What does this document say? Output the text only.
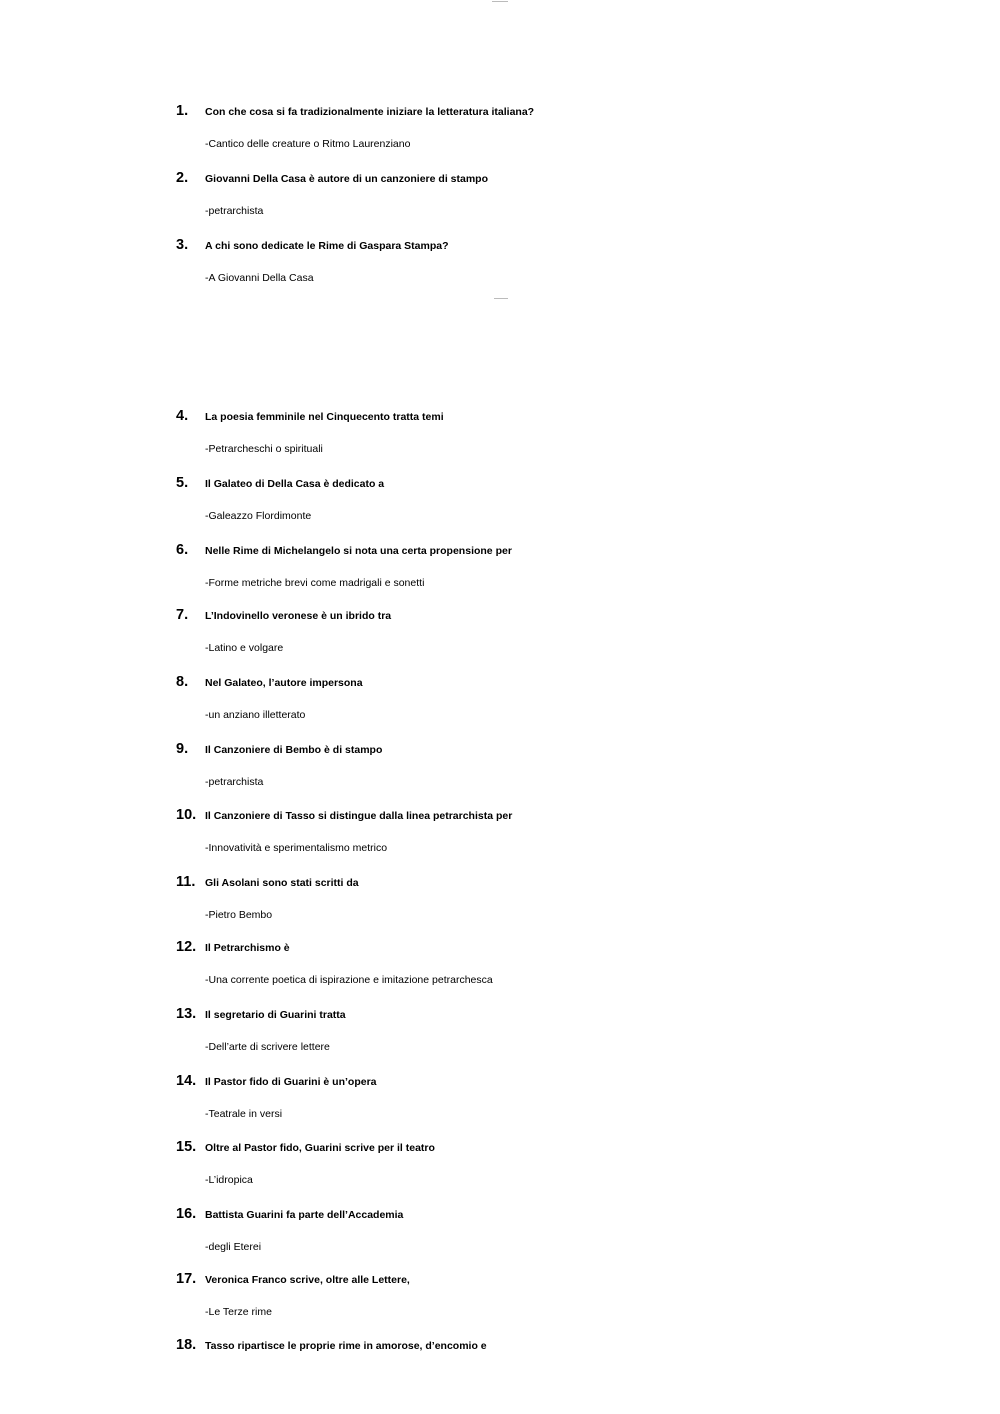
1. Con che cosa si fa tradizionalmente iniziare la letteratura italiana?
-Cantico delle creature o Ritmo Laurenziano
2. Giovanni Della Casa è autore di un canzoniere di stampo
-petrarchista
3. A chi sono dedicate le Rime di Gaspara Stampa?
-A Giovanni Della Casa
4. La poesia femminile nel Cinquecento tratta temi
-Petrarcheschi o spirituali
5. Il Galateo di Della Casa è dedicato a
-Galeazzo Flordimonte
6. Nelle Rime di Michelangelo si nota una certa propensione per
-Forme metriche brevi come madrigali e sonetti
7. L’Indovinello veronese è un ibrido tra
-Latino e volgare
8. Nel Galateo, l’autore impersona
-un anziano illetterato
9. Il Canzoniere di Bembo è di stampo
-petrarchista
10. Il Canzoniere di Tasso si distingue dalla linea petrarchista per
-Innovatività e sperimentalismo metrico
11. Gli Asolani sono stati scritti da
-Pietro Bembo
12. Il Petrarchismo è
-Una corrente poetica di ispirazione e imitazione petrarchesca
13. Il segretario di Guarini tratta
-Dell’arte di scrivere lettere
14. Il Pastor fido di Guarini è un’opera
-Teatrale in versi
15. Oltre al Pastor fido, Guarini scrive per il teatro
-L’idropica
16. Battista Guarini fa parte dell’Accademia
-degli Eterei
17. Veronica Franco scrive, oltre alle Lettere,
-Le Terze rime
18. Tasso ripartisce le proprie rime in amorose, d’encomio e
